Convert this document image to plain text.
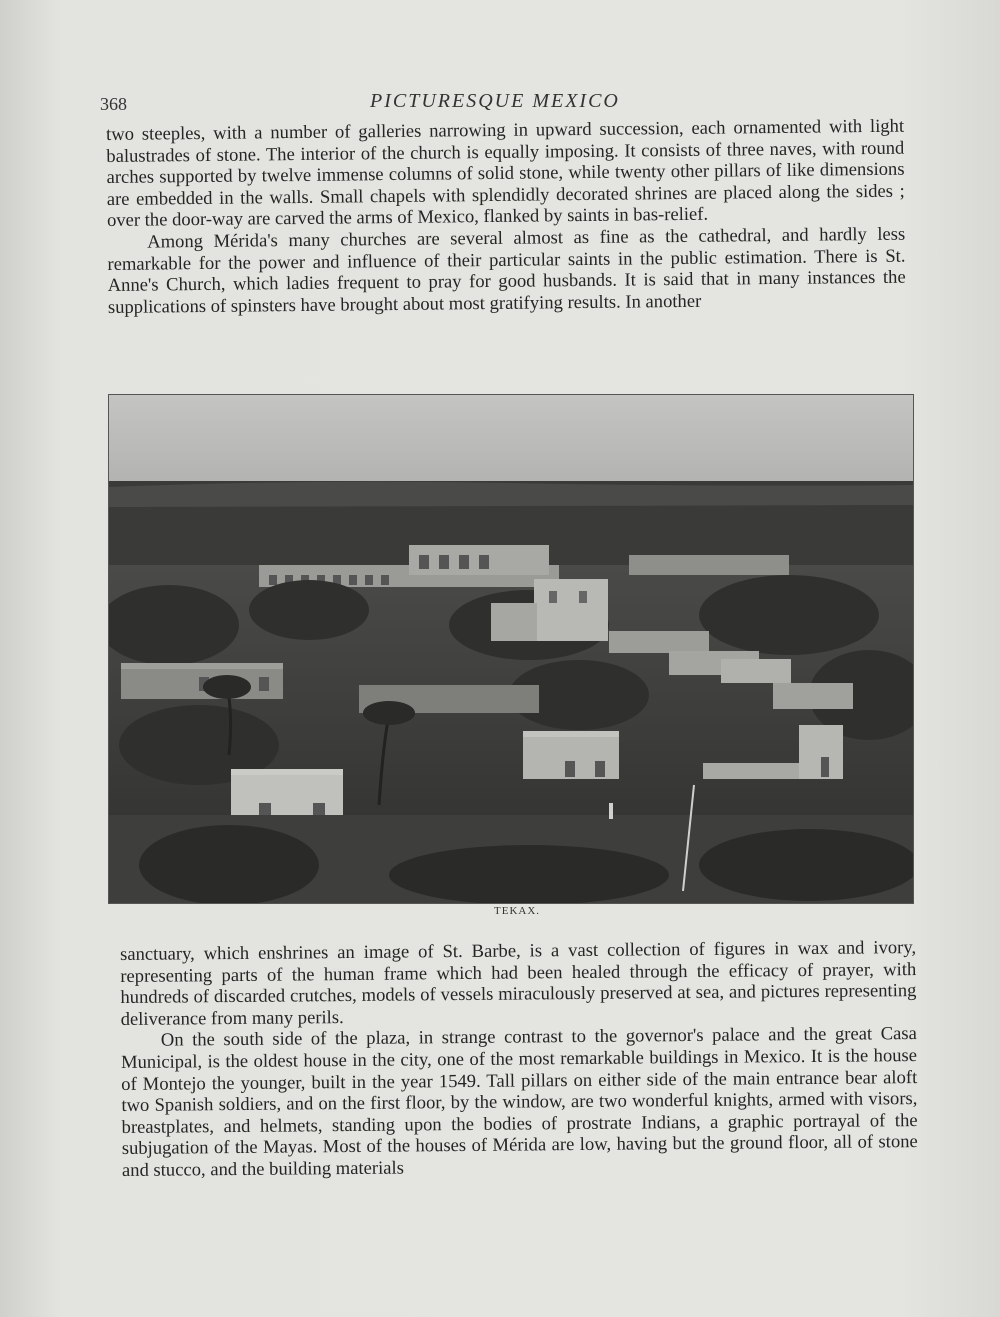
368	PICTURESQUE MEXICO

two steeples, with a number of galleries narrowing in upward succession, each ornamented with light balustrades of stone. The interior of the church is equally imposing. It consists of three naves, with round arches supported by twelve immense columns of solid stone, while twenty other pillars of like dimensions are embedded in the walls. Small chapels with splendidly decorated shrines are placed along the sides ; over the door-way are carved the arms of Mexico, flanked by saints in bas-relief.

Among Mérida's many churches are several almost as fine as the cathedral, and hardly less remarkable for the power and influence of their particular saints in the public estimation. There is St. Anne's Church, which ladies frequent to pray for good husbands. It is said that in many instances the supplications of spinsters have brought about most gratifying results. In another

TEKAX.

sanctuary, which enshrines an image of St. Barbe, is a vast collection of figures in wax and ivory, representing parts of the human frame which had been healed through the efficacy of prayer, with hundreds of discarded crutches, models of vessels miraculously preserved at sea, and pictures representing deliverance from many perils.

On the south side of the plaza, in strange contrast to the governor's palace and the great Casa Municipal, is the oldest house in the city, one of the most remarkable buildings in Mexico. It is the house of Montejo the younger, built in the year 1549. Tall pillars on either side of the main entrance bear aloft two Spanish soldiers, and on the first floor, by the window, are two wonderful knights, armed with visors, breastplates, and helmets, standing upon the bodies of prostrate Indians, a graphic portrayal of the subjugation of the Mayas. Most of the houses of Mérida are low, having but the ground floor, all of stone and stucco, and the building materials
